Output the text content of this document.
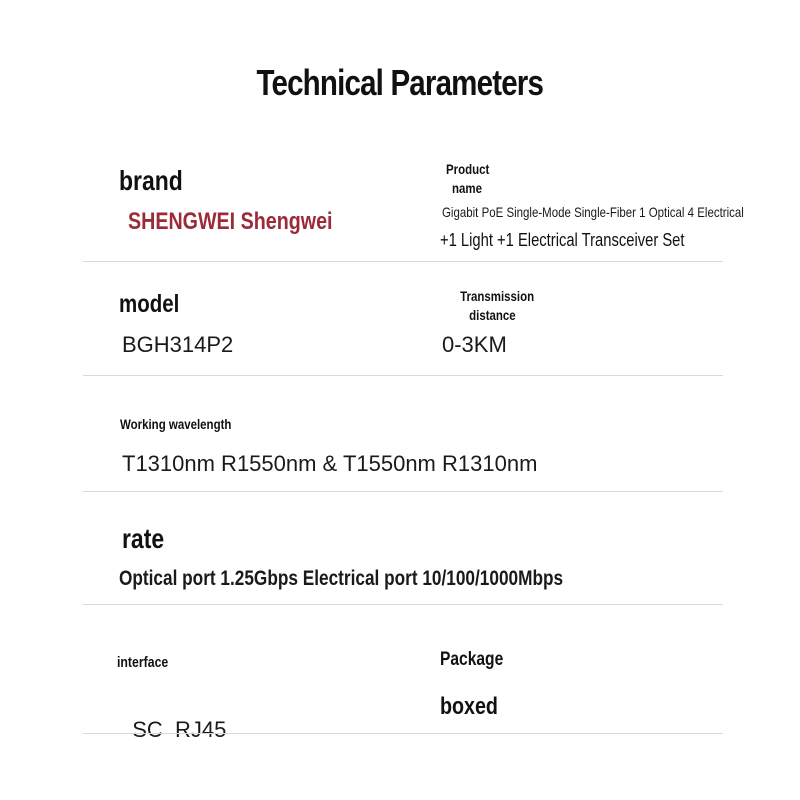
Technical Parameters
brand
SHENGWEI Shengwei
Product
name
Gigabit PoE Single-Mode Single-Fiber 1 Optical 4 Electrical
+1 Light +1 Electrical Transceiver Set
model
BGH314P2
Transmission
distance
0-3KM
Working wavelength
T1310nm R1550nm & T1550nm R1310nm
rate
Optical port 1.25Gbps Electrical port 10/100/1000Mbps
interface

SC  RJ45

Package
boxed
